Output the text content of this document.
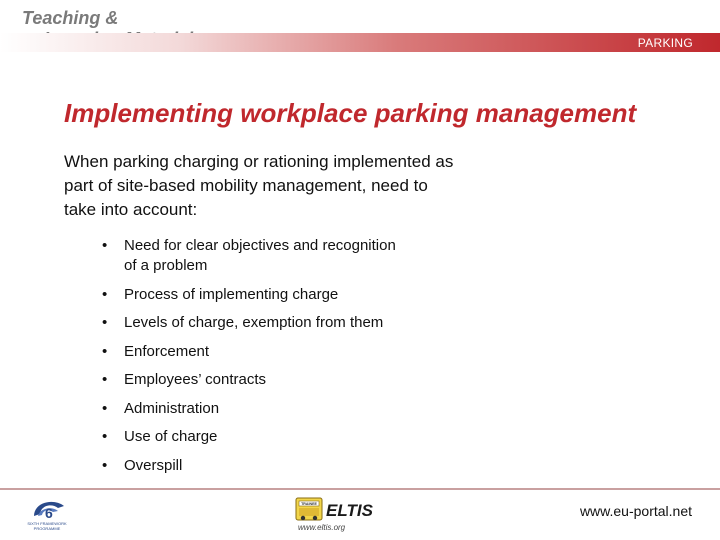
Teaching &
PARKING
Implementing workplace parking management

When parking charging or rationing implemented as part of site-based mobility management, need to take into account:

• Need for clear objectives and recognition of a problem
• Process of implementing charge
• Levels of charge, exemption from them
• Enforcement
• Employees’ contracts
• Administration
• Use of charge
• Overspill
6
SIXTH FRAMEWORK PROGRAMME
TRAINEE ELTIS
www.eltis.org
www.eu-portal.net
